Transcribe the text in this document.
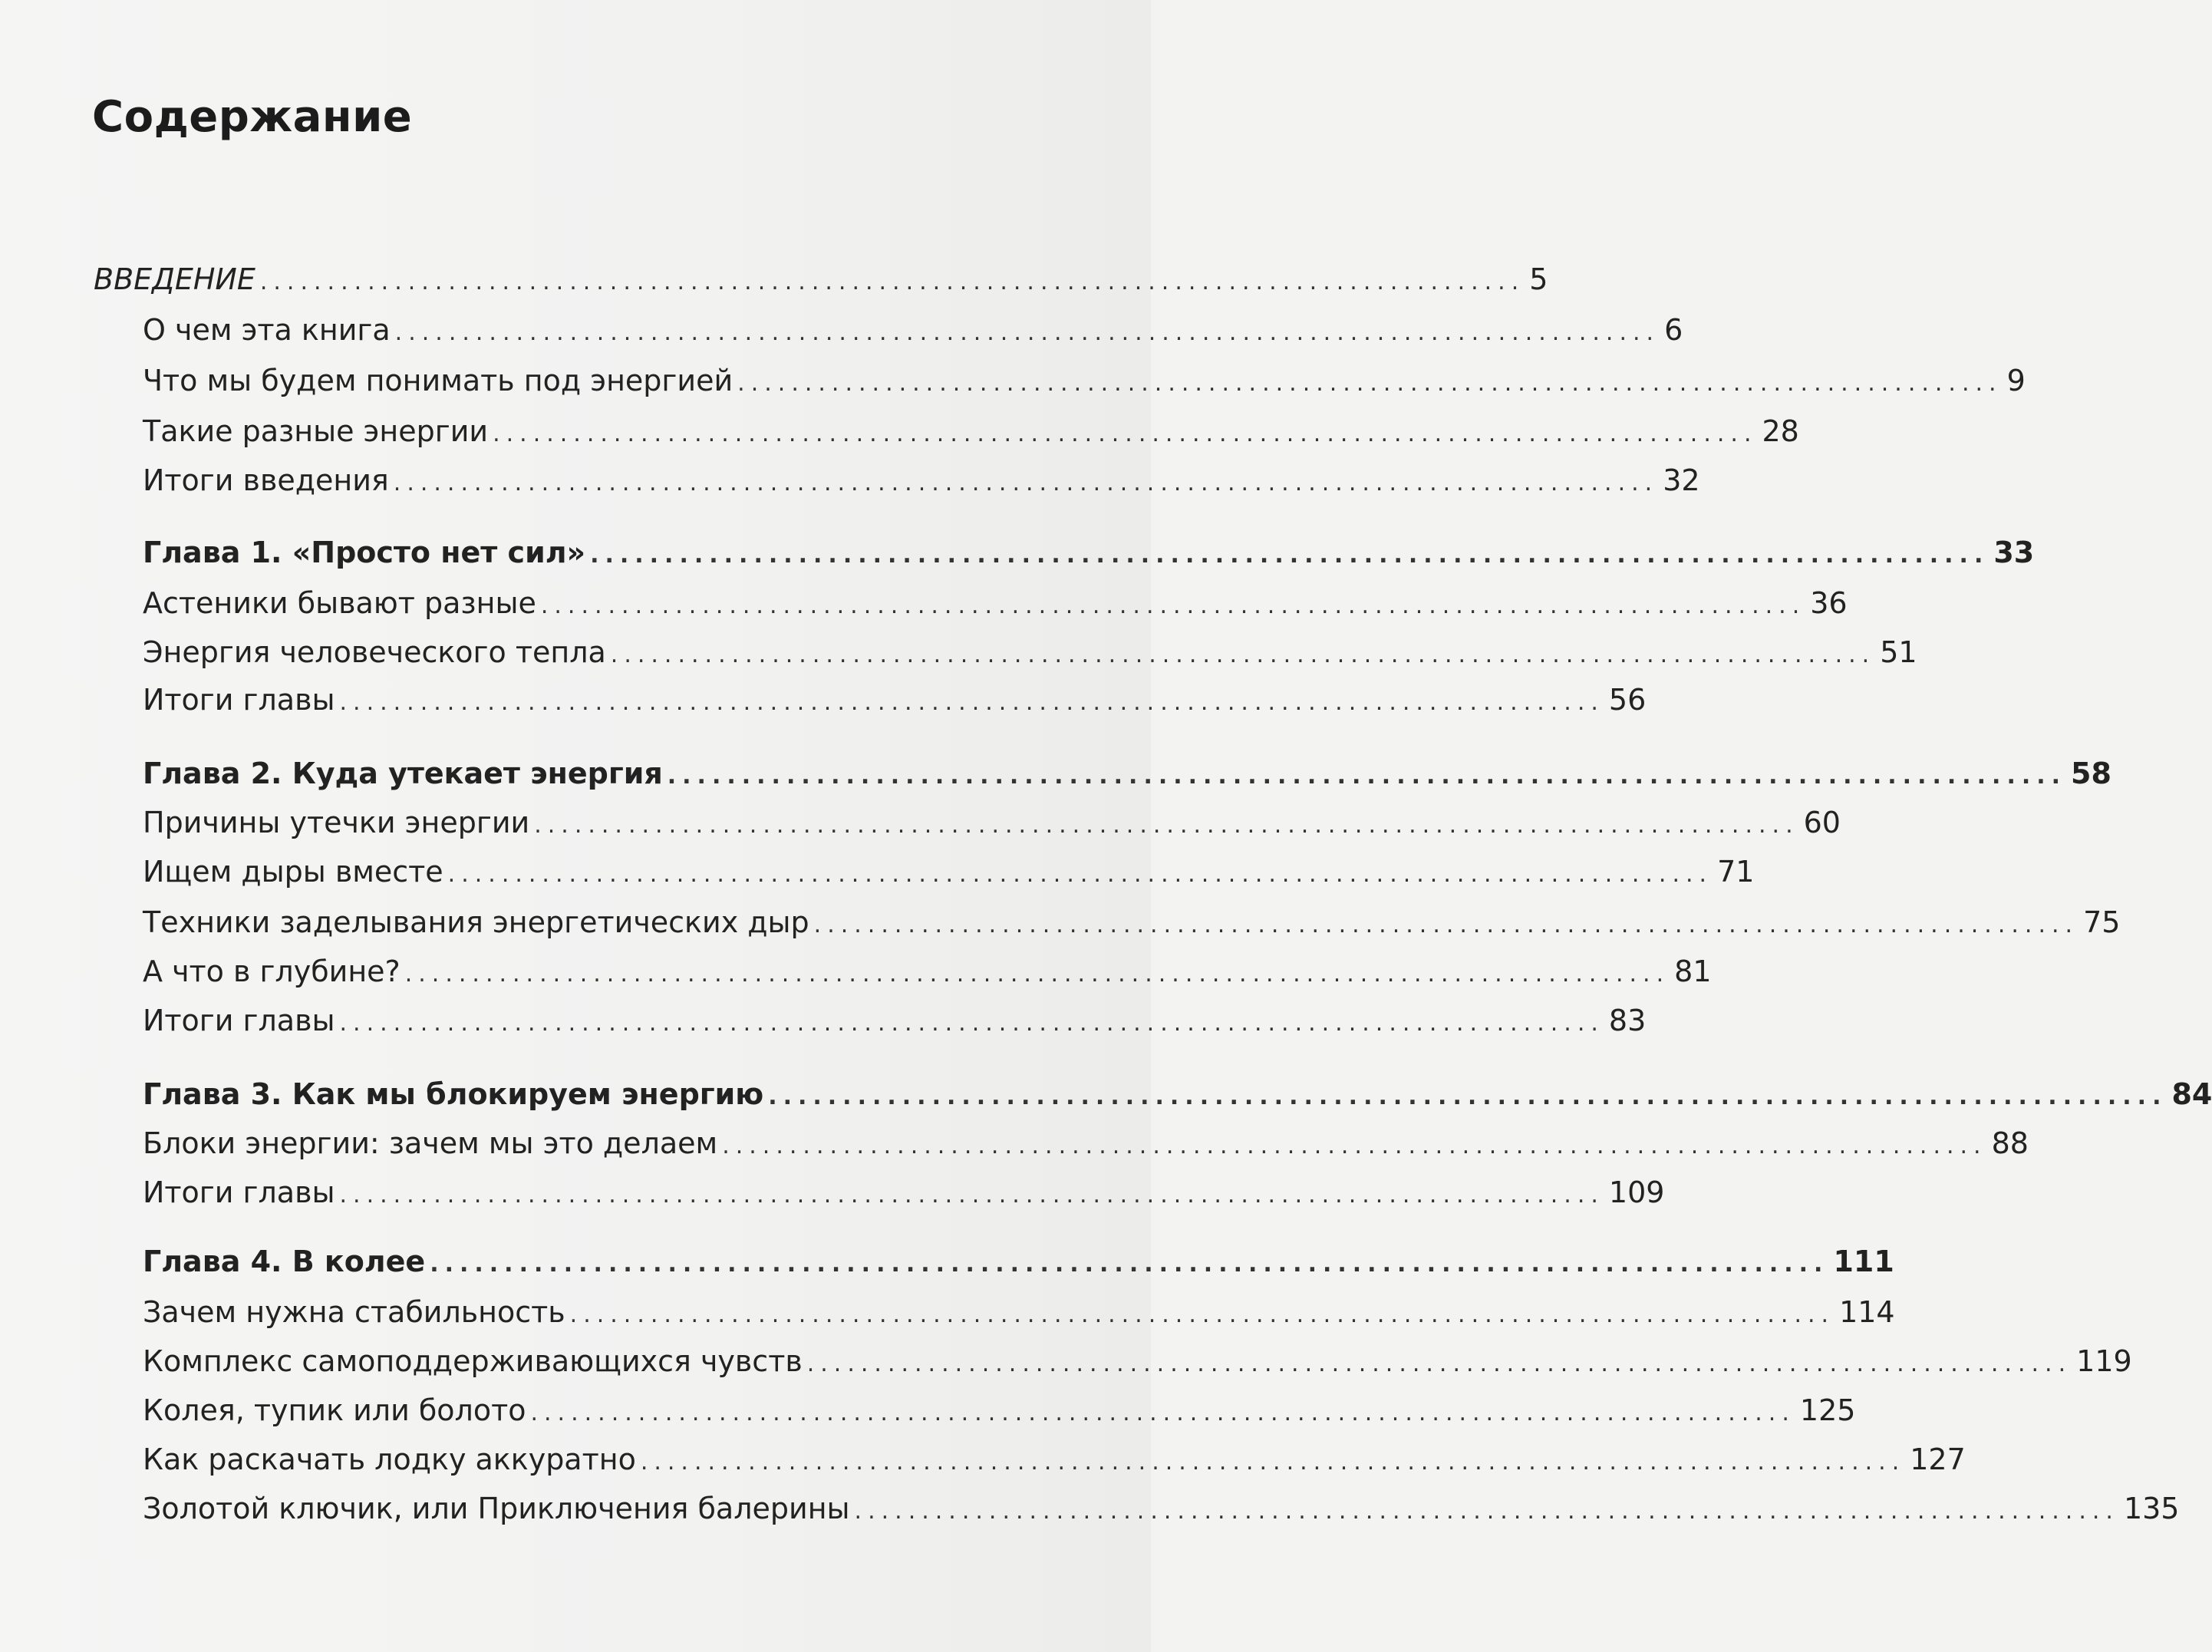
Содержание
ВВЕДЕНИЕ .............................................................................................. 5
О чем эта книга .............................................................................................. 6
Что мы будем понимать под энергией .............................................................................................. 9
Такие разные энергии .............................................................................................. 28
Итоги введения .............................................................................................. 32
Глава 1. «Просто нет сил» .............................................................................................. 33
Астеники бывают разные .............................................................................................. 36
Энергия человеческого тепла .............................................................................................. 51
Итоги главы .............................................................................................. 56
Глава 2. Куда утекает энергия .............................................................................................. 58
Причины утечки энергии .............................................................................................. 60
Ищем дыры вместе .............................................................................................. 71
Техники заделывания энергетических дыр .............................................................................................. 75
А что в глубине? .............................................................................................. 81
Итоги главы .............................................................................................. 83
Глава 3. Как мы блокируем энергию .............................................................................................. 84
Блоки энергии: зачем мы это делаем .............................................................................................. 88
Итоги главы .............................................................................................. 109
Глава 4. В колее .............................................................................................. 111
Зачем нужна стабильность .............................................................................................. 114
Комплекс самоподдерживающихся чувств .............................................................................................. 119
Колея, тупик или болото .............................................................................................. 125
Как раскачать лодку аккуратно .............................................................................................. 127
Золотой ключик, или Приключения балерины .............................................................................................. 135
